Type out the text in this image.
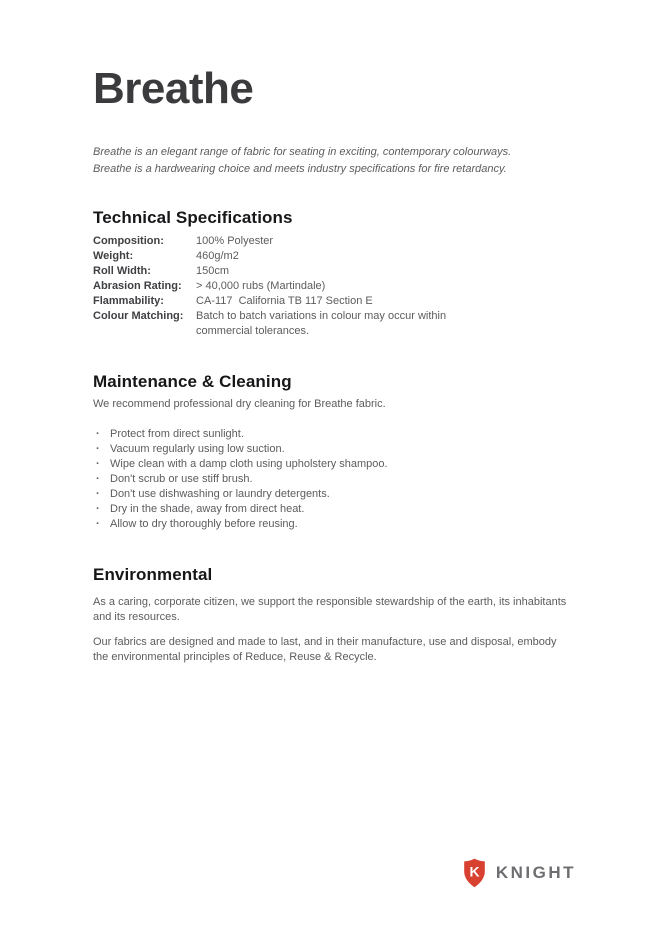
Breathe
Breathe is an elegant range of fabric for seating in exciting, contemporary colourways.
Breathe is a hardwearing choice and meets industry specifications for fire retardancy.
Technical Specifications
Composition:	100% Polyester
Weight:	460g/m2
Roll Width:	150cm
Abrasion Rating:	> 40,000 rubs (Martindale)
Flammability:	CA-117  California TB 117 Section E
Colour Matching:	Batch to batch variations in colour may occur within commercial tolerances.
Maintenance & Cleaning

We recommend professional dry cleaning for Breathe fabric.

· Protect from direct sunlight.
· Vacuum regularly using low suction.
· Wipe clean with a damp cloth using upholstery shampoo.
· Don't scrub or use stiff brush.
· Don't use dishwashing or laundry detergents.
· Dry in the shade, away from direct heat.
· Allow to dry thoroughly before reusing.
Environmental

As a caring, corporate citizen, we support the responsible stewardship of the earth, its inhabitants and its resources.

Our fabrics are designed and made to last, and in their manufacture, use and disposal, embody the environmental principles of Reduce, Reuse & Recycle.

K KNIGHT
